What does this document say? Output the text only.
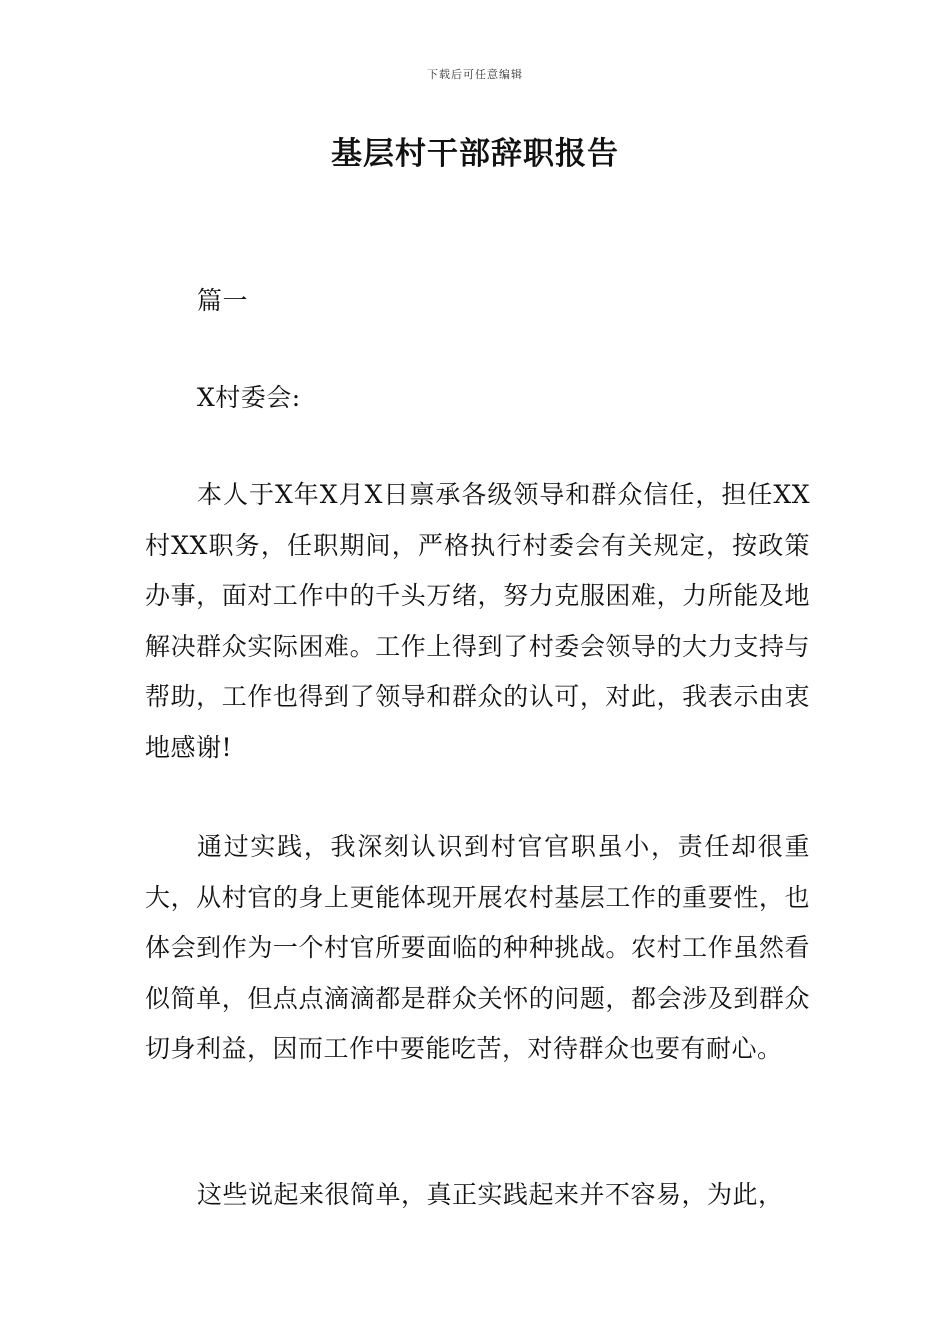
下载后可任意编辑
基层村干部辞职报告

篇一

X村委会:

本人于X年X月X日禀承各级领导和群众信任，担任XX村XX职务，任职期间，严格执行村委会有关规定，按政策办事，面对工作中的千头万绪，努力克服困难，力所能及地解决群众实际困难。工作上得到了村委会领导的大力支持与帮助，工作也得到了领导和群众的认可，对此，我表示由衷地感谢!

通过实践，我深刻认识到村官官职虽小，责任却很重大，从村官的身上更能体现开展农村基层工作的重要性，也体会到作为一个村官所要面临的种种挑战。农村工作虽然看似简单，但点点滴滴都是群众关怀的问题，都会涉及到群众切身利益，因而工作中要能吃苦，对待群众也要有耐心。

这些说起来很简单，真正实践起来并不容易，为此，
